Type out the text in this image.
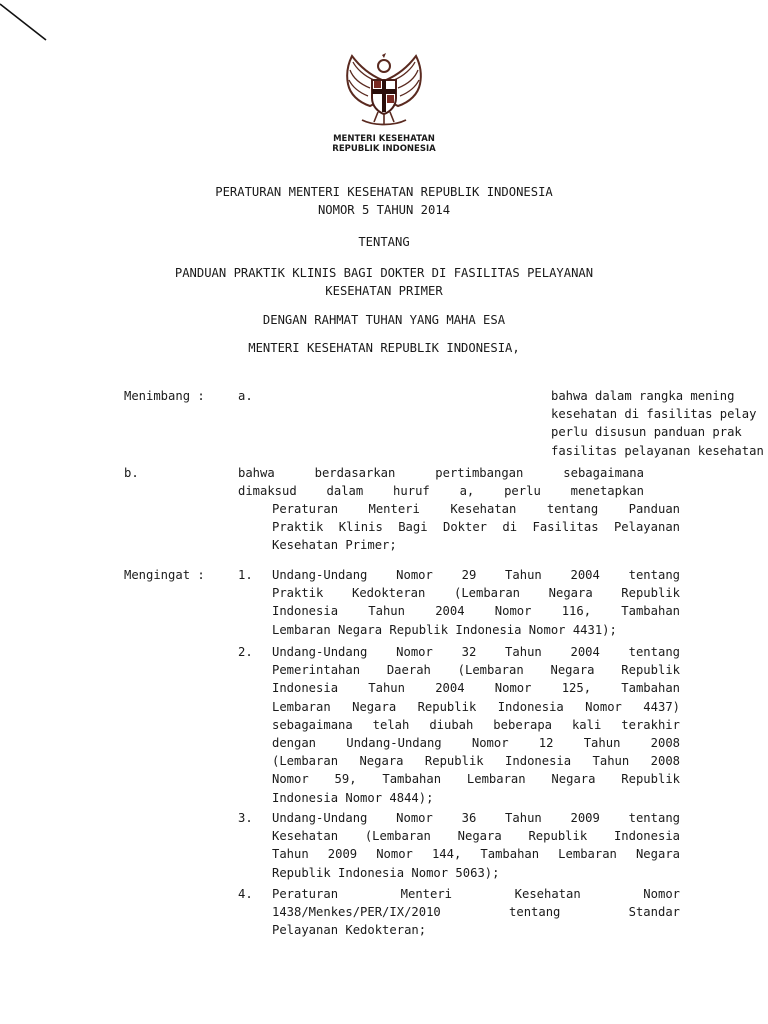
MENTERI KESEHATAN
REPUBLIK INDONESIA
PERATURAN MENTERI KESEHATAN REPUBLIK INDONESIA
NOMOR 5 TAHUN 2014
TENTANG
PANDUAN PRAKTIK KLINIS BAGI DOKTER DI FASILITAS PELAYANAN
KESEHATAN PRIMER
DENGAN RAHMAT TUHAN YANG MAHA ESA
MENTERI KESEHATAN REPUBLIK INDONESIA,
Menimbang :	a.	bahwa dalam rangka mening
kesehatan di fasilitas pelay
perlu disusun panduan prak
fasilitas pelayanan kesehatan
b.	bahwa berdasarkan pertimbangan sebagaimana
dimaksud dalam huruf a, perlu menetapkan
Peraturan Menteri Kesehatan tentang Panduan
Praktik Klinis Bagi Dokter di Fasilitas Pelayanan
Kesehatan Primer;
Mengingat :	1. Undang-Undang Nomor 29 Tahun 2004 tentang
Praktik Kedokteran (Lembaran Negara Republik
Indonesia Tahun 2004 Nomor 116, Tambahan
Lembaran Negara Republik Indonesia Nomor 4431);
2. Undang-Undang Nomor 32 Tahun 2004 tentang
Pemerintahan Daerah (Lembaran Negara Republik
Indonesia Tahun 2004 Nomor 125, Tambahan
Lembaran Negara Republik Indonesia Nomor 4437)
sebagaimana telah diubah beberapa kali terakhir
dengan Undang-Undang Nomor 12 Tahun 2008
(Lembaran Negara Republik Indonesia Tahun 2008
Nomor 59, Tambahan Lembaran Negara Republik
Indonesia Nomor 4844);
3. Undang-Undang Nomor 36 Tahun 2009 tentang
Kesehatan (Lembaran Negara Republik Indonesia
Tahun 2009 Nomor 144, Tambahan Lembaran Negara
Republik Indonesia Nomor 5063);
4. Peraturan Menteri Kesehatan Nomor
1438/Menkes/PER/IX/2010 tentang Standar
Pelayanan Kedokteran;
